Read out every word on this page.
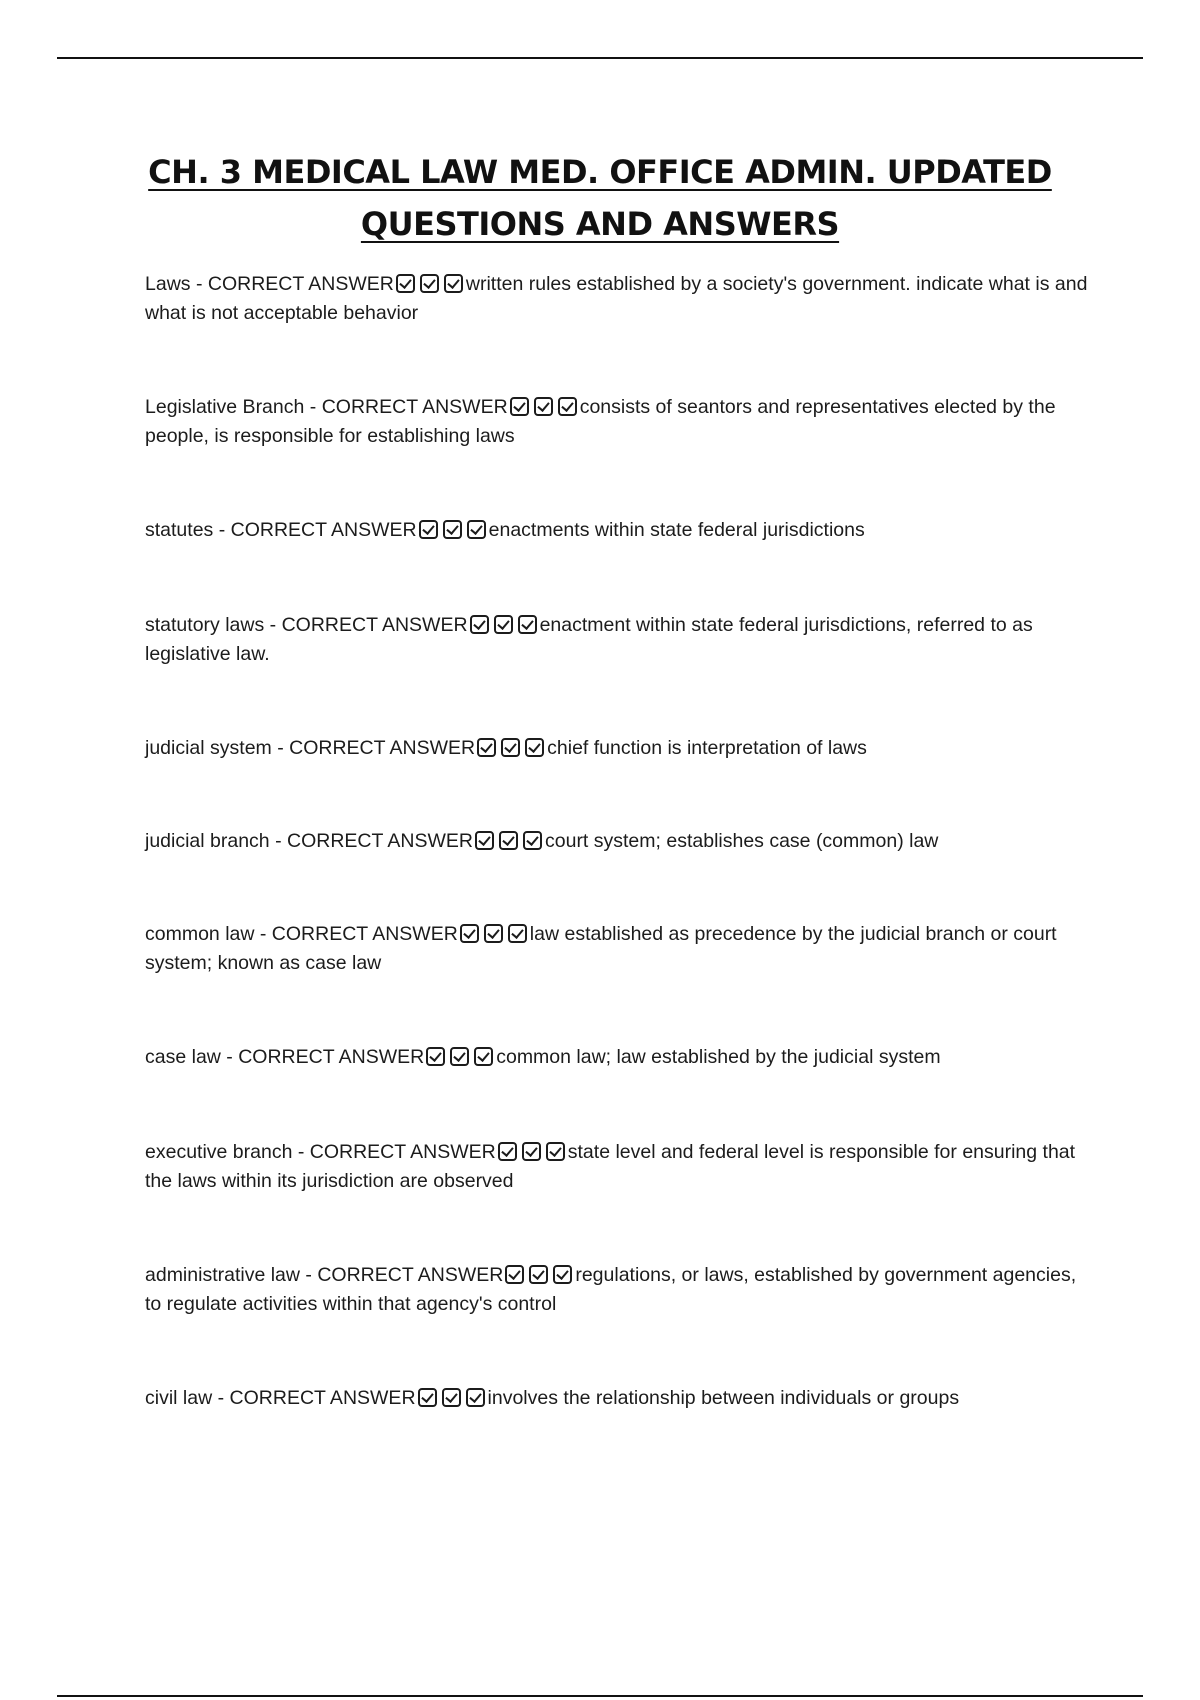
CH. 3 MEDICAL LAW MED. OFFICE ADMIN. UPDATED
QUESTIONS AND ANSWERS
Laws - CORRECT ANSWER	written rules established by a society's government. indicate what is and what is not acceptable behavior
Legislative Branch - CORRECT ANSWER	consists of seantors and representatives elected by the people, is responsible for establishing laws
statutes - CORRECT ANSWER	enactments within state federal jurisdictions
statutory laws - CORRECT ANSWER	enactment within state federal jurisdictions, referred to as legislative law.
judicial system - CORRECT ANSWER	chief function is interpretation of laws
judicial branch - CORRECT ANSWER	court system; establishes case (common) law
common law - CORRECT ANSWER	law established as precedence by the judicial branch or court system; known as case law
case law - CORRECT ANSWER	common law; law established by the judicial system
executive branch - CORRECT ANSWER	state level and federal level is responsible for ensuring that the laws within its jurisdiction are observed
administrative law - CORRECT ANSWER	regulations, or laws, established by government agencies, to regulate activities within that agency's control
civil law - CORRECT ANSWER	involves the relationship between individuals or groups
